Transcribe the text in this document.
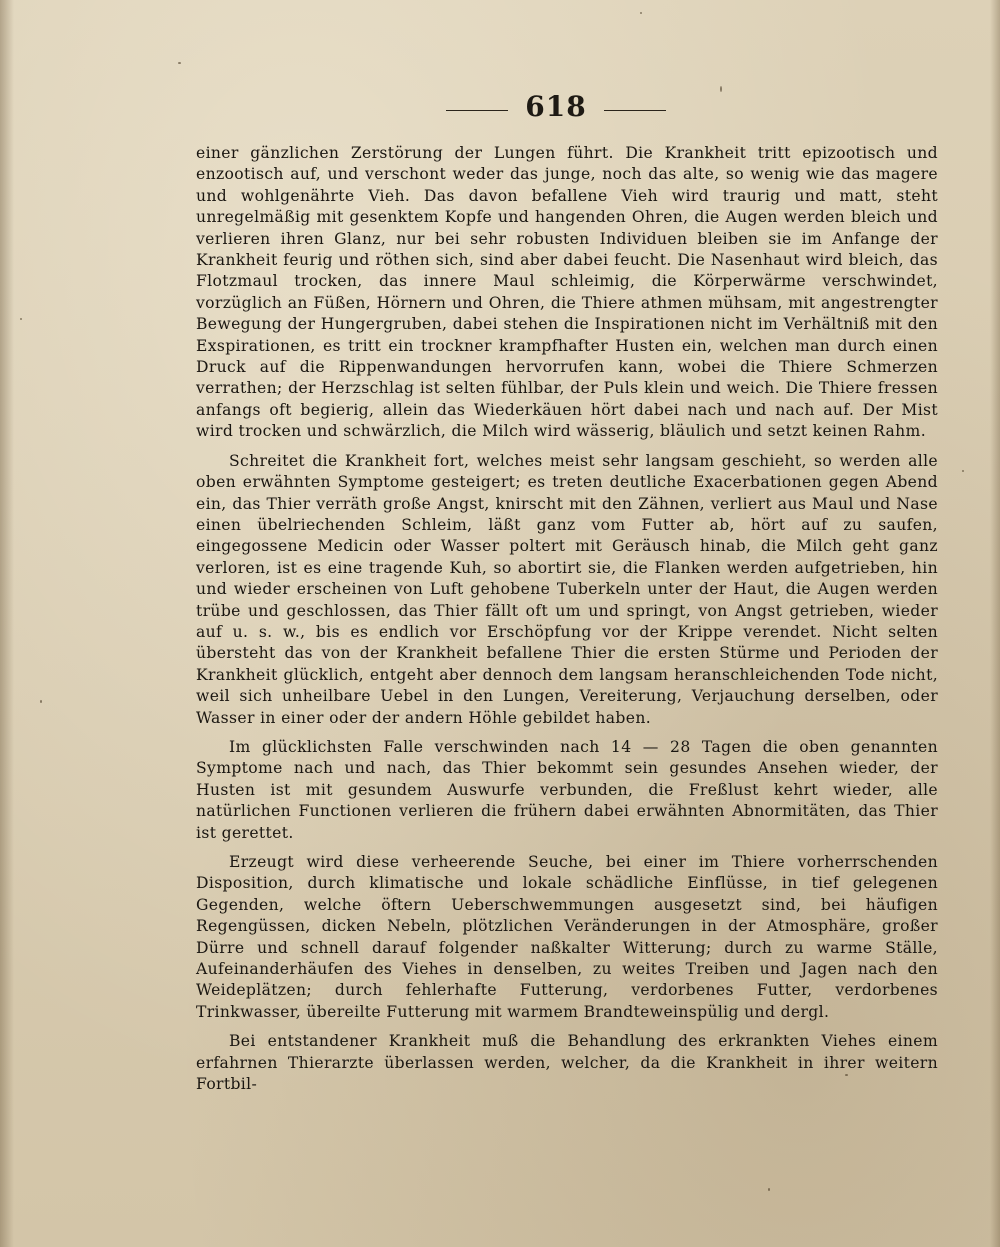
618

einer gänzlichen Zerstörung der Lungen führt. Die Krankheit tritt epizootisch und enzootisch auf, und verschont weder das junge, noch das alte, so wenig wie das magere und wohlgenährte Vieh. Das davon befallene Vieh wird traurig und matt, steht unregelmäßig mit gesenktem Kopfe und hangenden Ohren, die Augen werden bleich und verlieren ihren Glanz, nur bei sehr robusten Individuen bleiben sie im Anfange der Krankheit feurig und röthen sich, sind aber dabei feucht. Die Nasenhaut wird bleich, das Flotzmaul trocken, das innere Maul schleimig, die Körperwärme verschwindet, vorzüglich an Füßen, Hörnern und Ohren, die Thiere athmen mühsam, mit angestrengter Bewegung der Hungergruben, dabei stehen die Inspirationen nicht im Verhältniß mit den Exspirationen, es tritt ein trockner krampfhafter Husten ein, welchen man durch einen Druck auf die Rippenwandungen hervorrufen kann, wobei die Thiere Schmerzen verrathen; der Herzschlag ist selten fühlbar, der Puls klein und weich. Die Thiere fressen anfangs oft begierig, allein das Wiederkäuen hört dabei nach und nach auf. Der Mist wird trocken und schwärzlich, die Milch wird wässerig, bläulich und setzt keinen Rahm.

Schreitet die Krankheit fort, welches meist sehr langsam geschieht, so werden alle oben erwähnten Symptome gesteigert; es treten deutliche Exacerbationen gegen Abend ein, das Thier verräth große Angst, knirscht mit den Zähnen, verliert aus Maul und Nase einen übelriechenden Schleim, läßt ganz vom Futter ab, hört auf zu saufen, eingegossene Medicin oder Wasser poltert mit Geräusch hinab, die Milch geht ganz verloren, ist es eine tragende Kuh, so abortirt sie, die Flanken werden aufgetrieben, hin und wieder erscheinen von Luft gehobene Tuberkeln unter der Haut, die Augen werden trübe und geschlossen, das Thier fällt oft um und springt, von Angst getrieben, wieder auf u. s. w., bis es endlich vor Erschöpfung vor der Krippe verendet. Nicht selten übersteht das von der Krankheit befallene Thier die ersten Stürme und Perioden der Krankheit glücklich, entgeht aber dennoch dem langsam heranschleichenden Tode nicht, weil sich unheilbare Uebel in den Lungen, Vereiterung, Verjauchung derselben, oder Wasser in einer oder der andern Höhle gebildet haben.

Im glücklichsten Falle verschwinden nach 14 — 28 Tagen die oben genannten Symptome nach und nach, das Thier bekommt sein gesundes Ansehen wieder, der Husten ist mit gesundem Auswurfe verbunden, die Freßlust kehrt wieder, alle natürlichen Functionen verlieren die frühern dabei erwähnten Abnormitäten, das Thier ist gerettet.

Erzeugt wird diese verheerende Seuche, bei einer im Thiere vorherrschenden Disposition, durch klimatische und lokale schädliche Einflüsse, in tief gelegenen Gegenden, welche öftern Ueberschwemmungen ausgesetzt sind, bei häufigen Regengüssen, dicken Nebeln, plötzlichen Veränderungen in der Atmosphäre, großer Dürre und schnell darauf folgender naßkalter Witterung; durch zu warme Ställe, Aufeinanderhäufen des Viehes in denselben, zu weites Treiben und Jagen nach den Weideplätzen; durch fehlerhafte Futterung, verdorbenes Futter, verdorbenes Trinkwasser, übereilte Futterung mit warmem Brandteweinspülig und dergl.

Bei entstandener Krankheit muß die Behandlung des erkrankten Viehes einem erfahrnen Thierarzte überlassen werden, welcher, da die Krankheit in ihrer weitern Fortbil-
